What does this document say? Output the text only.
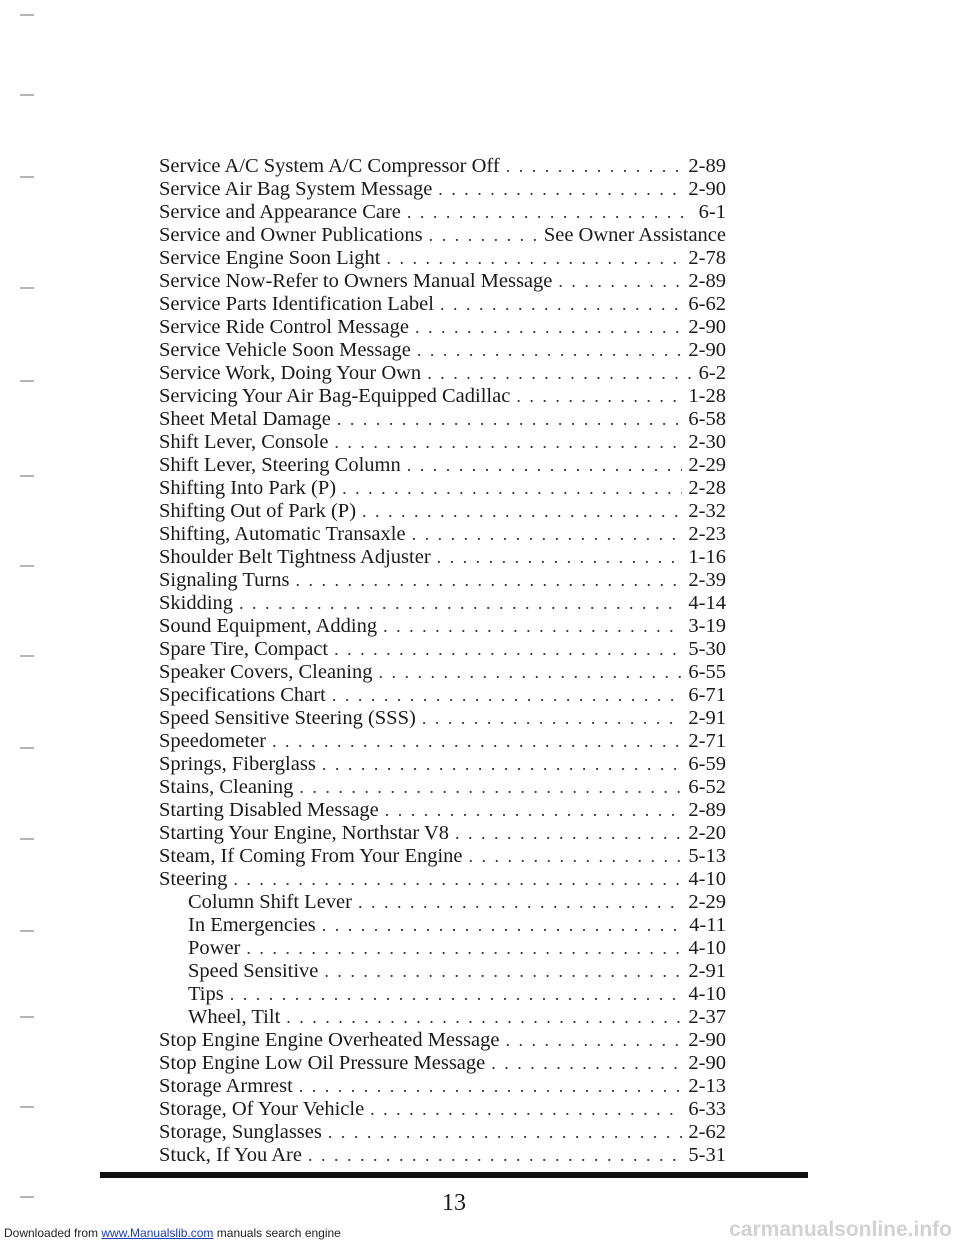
Service A/C System A/C Compressor Off . . .	2-89
Service Air Bag System Message . . .	2-90
Service and Appearance Care . . .	6-1
Service and Owner Publications . . .	See Owner Assistance
Service Engine Soon Light . . .	2-78
Service Now-Refer to Owners Manual Message . . .	2-89
Service Parts Identification Label . . .	6-62
Service Ride Control Message . . .	2-90
Service Vehicle Soon Message . . .	2-90
Service Work, Doing Your Own . . .	6-2
Servicing Your Air Bag-Equipped Cadillac . . .	1-28
Sheet Metal Damage . . .	6-58
Shift Lever, Console . . .	2-30
Shift Lever, Steering Column . . .	2-29
Shifting Into Park (P) . . .	2-28
Shifting Out of Park (P) . . .	2-32
Shifting, Automatic Transaxle . . .	2-23
Shoulder Belt Tightness Adjuster . . .	1-16
Signaling Turns . . .	2-39
Skidding . . .	4-14
Sound Equipment, Adding . . .	3-19
Spare Tire, Compact . . .	5-30
Speaker Covers, Cleaning . . .	6-55
Specifications Chart . . .	6-71
Speed Sensitive Steering (SSS) . . .	2-91
Speedometer . . .	2-71
Springs, Fiberglass . . .	6-59
Stains, Cleaning . . .	6-52
Starting Disabled Message . . .	2-89
Starting Your Engine, Northstar V8 . . .	2-20
Steam, If Coming From Your Engine . . .	5-13
Steering . . .	4-10
Column Shift Lever . . .	2-29
In Emergencies . . .	4-11
Power . . .	4-10
Speed Sensitive . . .	2-91
Tips . . .	4-10
Wheel, Tilt . . .	2-37
Stop Engine Engine Overheated Message . . .	2-90
Stop Engine Low Oil Pressure Message . . .	2-90
Storage Armrest . . .	2-13
Storage, Of Your Vehicle . . .	6-33
Storage, Sunglasses . . .	2-62
Stuck, If You Are . . .	5-31
13
Downloaded from www.Manualslib.com manuals search engine	carmanualsonline.info
